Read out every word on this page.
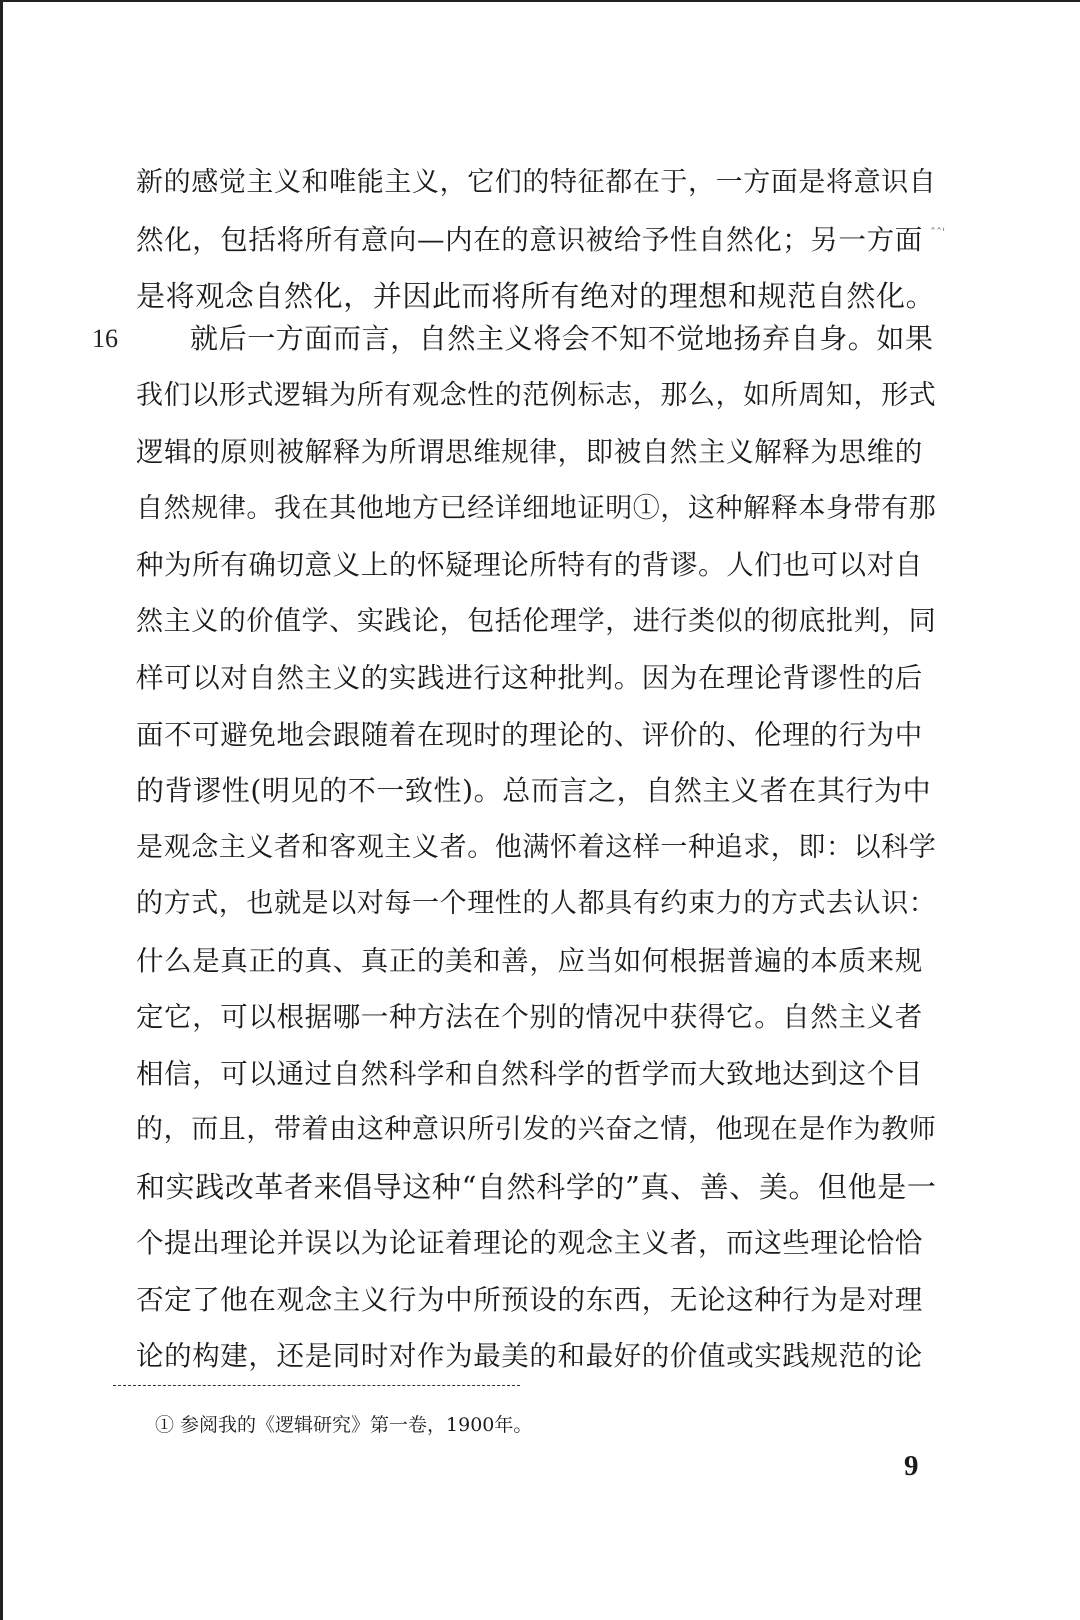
新的感觉主义和唯能主义，它们的特征都在于，一方面是将意识自
然化，包括将所有意向—内在的意识被给予性自然化；另一方面
是将观念自然化，并因此而将所有绝对的理想和规范自然化。
ˆˆˈ
16	就后一方面而言，自然主义将会不知不觉地扬弃自身。如果
我们以形式逻辑为所有观念性的范例标志，那么，如所周知，形式
逻辑的原则被解释为所谓思维规律，即被自然主义解释为思维的
自然规律。我在其他地方已经详细地证明①，这种解释本身带有那
种为所有确切意义上的怀疑理论所特有的背谬。人们也可以对自
然主义的价值学、实践论，包括伦理学，进行类似的彻底批判，同
样可以对自然主义的实践进行这种批判。因为在理论背谬性的后
面不可避免地会跟随着在现时的理论的、评价的、伦理的行为中
的背谬性(明见的不一致性)。总而言之，自然主义者在其行为中
是观念主义者和客观主义者。他满怀着这样一种追求，即：以科学
的方式，也就是以对每一个理性的人都具有约束力的方式去认识：
什么是真正的真、真正的美和善，应当如何根据普遍的本质来规
定它，可以根据哪一种方法在个别的情况中获得它。自然主义者
相信，可以通过自然科学和自然科学的哲学而大致地达到这个目
的，而且，带着由这种意识所引发的兴奋之情，他现在是作为教师
和实践改革者来倡导这种“自然科学的”真、善、美。但他是一
个提出理论并误以为论证着理论的观念主义者，而这些理论恰恰
否定了他在观念主义行为中所预设的东西，无论这种行为是对理
论的构建，还是同时对作为最美的和最好的价值或实践规范的论
① 参阅我的《逻辑研究》第一卷，1900年。
9
